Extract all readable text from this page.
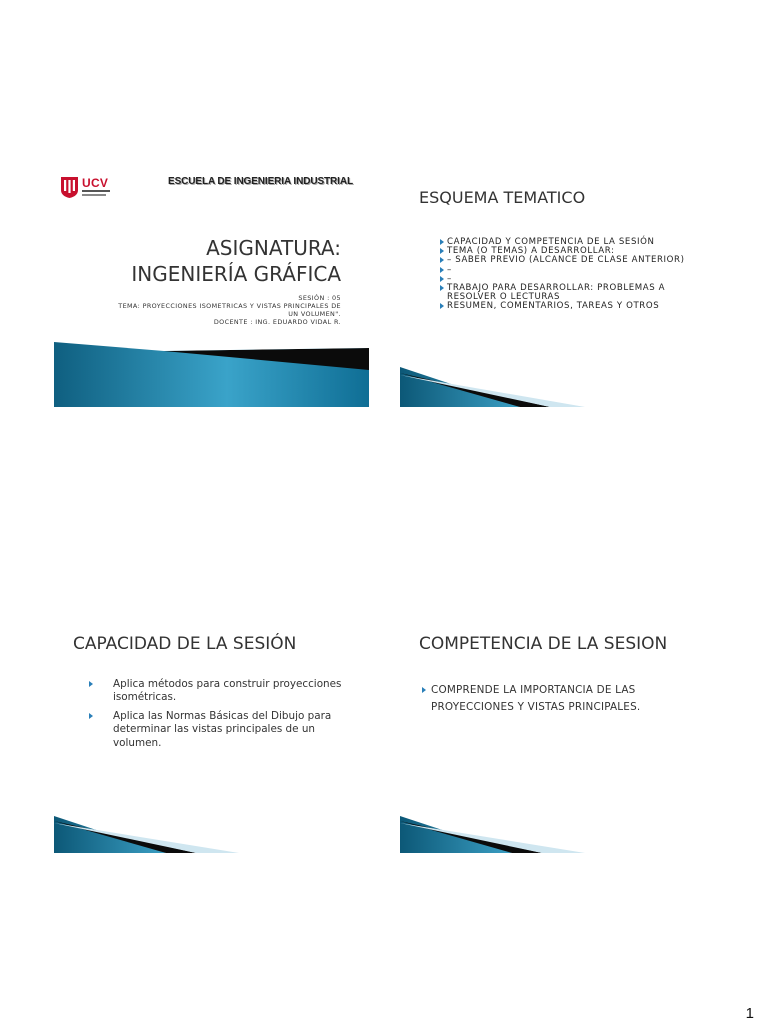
UCV	ESCUELA DE INGENIERIA INDUSTRIAL
ASIGNATURA:
INGENIERÍA GRÁFICA
SESIÓN : 05
TEMA: PROYECCIONES ISOMETRICAS Y VISTAS PRINCIPALES DE
UN VOLUMEN".
DOCENTE : ING. EDUARDO VIDAL R.
ESQUEMA TEMATICO
CAPACIDAD Y COMPETENCIA DE LA SESIÓN
TEMA (O TEMAS) A DESARROLLAR:
– SABER PREVIO (ALCANCE DE CLASE ANTERIOR)
–
–
TRABAJO PARA DESARROLLAR: PROBLEMAS A RESOLVER O LECTURAS
RESUMEN, COMENTARIOS, TAREAS Y OTROS
CAPACIDAD DE LA SESIÓN
Aplica métodos para construir proyecciones isométricas.
Aplica las Normas Básicas del Dibujo para determinar las vistas principales de un volumen.
COMPETENCIA DE LA SESION
COMPRENDE LA IMPORTANCIA DE LAS PROYECCIONES Y VISTAS PRINCIPALES.
1
